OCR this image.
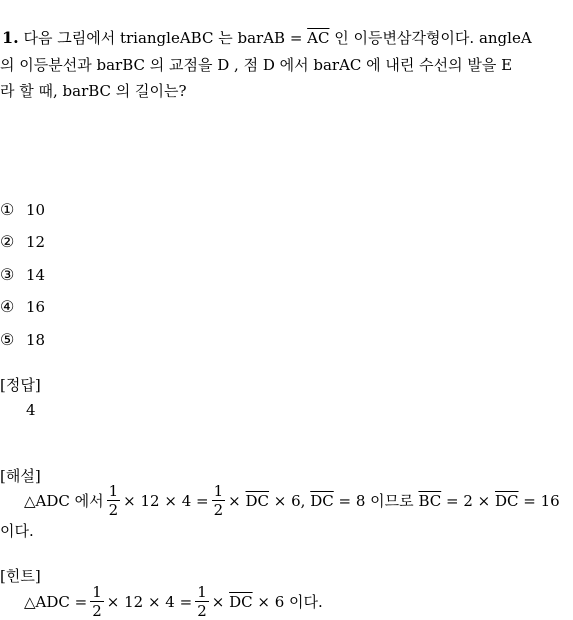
1. 다음 그림에서 triangleABC 는 barAB = $\overline{AC}$ 인 이등변삼각형이다. angleA
의 이등분선과 barBC 의 교점을 D , 점 D 에서 barAC 에 내린 수선의 발을 E
라 할 때, barBC 의 길이는?
① 10
② 12
③ 14
④ 16
⑤ 18
[정답]
4
[해설]
△ADC 에서 $\frac{1}{2} \times 12 \times 4 = \frac{1}{2}$ ×
$\overline{DC}$
× 6,
$\overline{DC}$
= 8 이므로
$\overline{BC}$
= 2 ×
$\overline{DC}$
= 16
이다.
[힌트]
△ADC = $\frac{1}{2} \times 12 \times 4 = \frac{1}{2}$ ×
$\overline{DC}$
× 6 이다.
